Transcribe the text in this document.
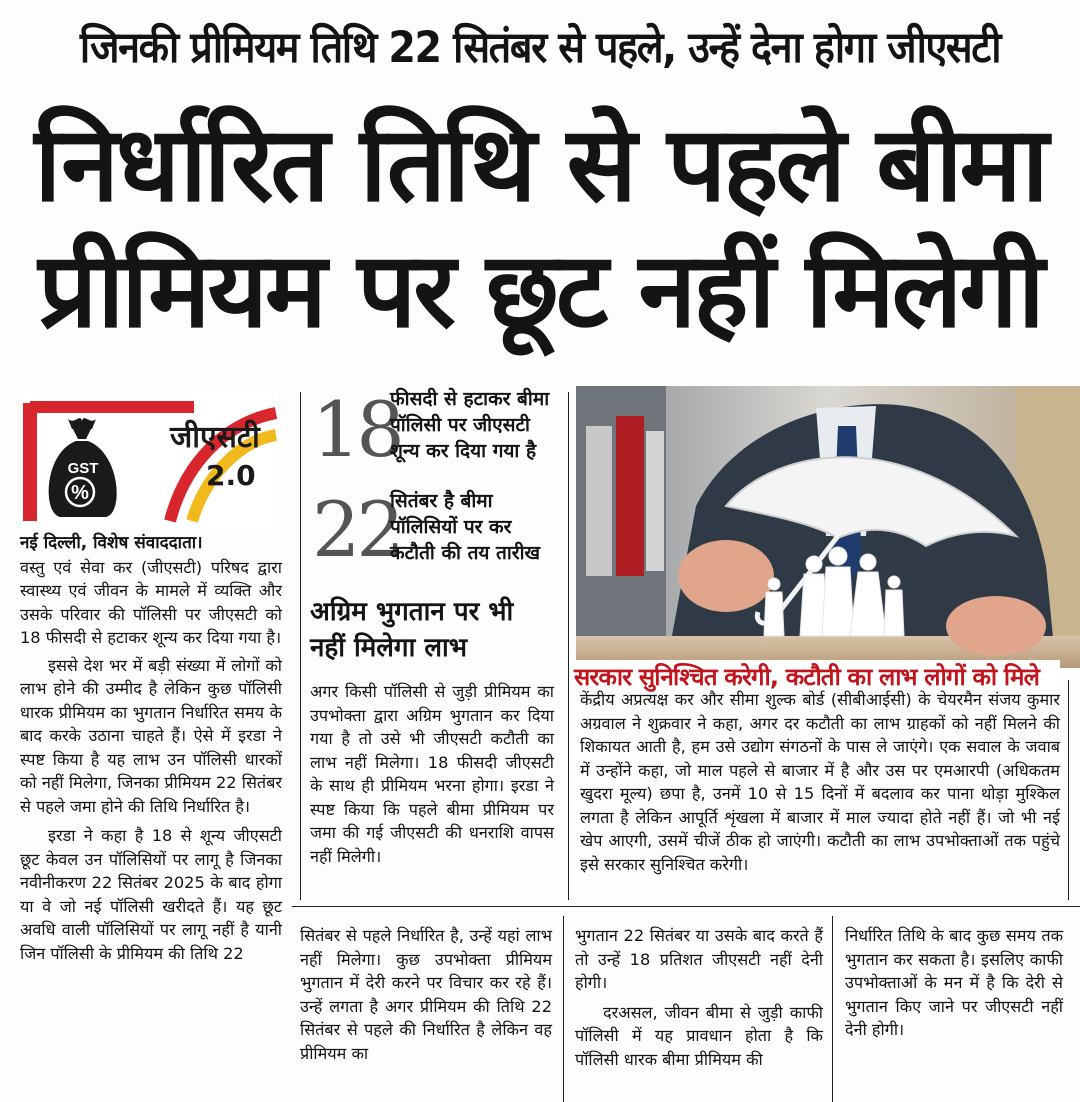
जिनकी प्रीमियम तिथि 22 सितंबर से पहले, उन्हें देना होगा जीएसटी
निर्धारित तिथि से पहले बीमा
प्रीमियम पर छूट नहीं मिलेगी
GST
%
जीएसटी
2.0

नई दिल्ली, विशेष संवाददाता।

वस्तु एवं सेवा कर (जीएसटी) परिषद द्वारा स्वास्थ्य एवं जीवन के मामले में व्यक्ति और उसके परिवार की पॉलिसी पर जीएसटी को 18 फीसदी से हटाकर शून्य कर दिया गया है।

इससे देश भर में बड़ी संख्या में लोगों को लाभ होने की उम्मीद है लेकिन कुछ पॉलिसी धारक प्रीमियम का भुगतान निर्धारित समय के बाद करके उठाना चाहते हैं। ऐसे में इरडा ने स्पष्ट किया है यह लाभ उन पॉलिसी धारकों को नहीं मिलेगा, जिनका प्रीमियम 22 सितंबर से पहले जमा होने की तिथि निर्धारित है।

इरडा ने कहा है 18 से शून्य जीएसटी छूट केवल उन पॉलिसियों पर लागू है जिनका नवीनीकरण 22 सितंबर 2025 के बाद होगा या वे जो नई पॉलिसी खरीदते हैं। यह छूट अवधि वाली पॉलिसियों पर लागू नहीं है यानी जिन पॉलिसी के प्रीमियम की तिथि 22

18
फीसदी से हटाकर बीमा
पॉलिसी पर जीएसटी
शून्य कर दिया गया है
22
सितंबर है बीमा
पॉलिसियों पर कर
कटौती की तय तारीख
अग्रिम भुगतान पर भी
नहीं मिलेगा लाभ
अगर किसी पॉलिसी से जुड़ी प्रीमियम का उपभोक्ता द्वारा अग्रिम भुगतान कर दिया गया है तो उसे भी जीएसटी कटौती का लाभ नहीं मिलेगा। 18 फीसदी जीएसटी के साथ ही प्रीमियम भरना होगा। इरडा ने स्पष्ट किया कि पहले बीमा प्रीमियम पर जमा की गई जीएसटी की धनराशि वापस नहीं मिलेगी।
सरकार सुनिश्चित करेगी, कटौती का लाभ लोगों को मिले
केंद्रीय अप्रत्यक्ष कर और सीमा शुल्क बोर्ड (सीबीआईसी) के चेयरमैन संजय कुमार अग्रवाल ने शुक्रवार ने कहा, अगर दर कटौती का लाभ ग्राहकों को नहीं मिलने की शिकायत आती है, हम उसे उद्योग संगठनों के पास ले जाएंगे। एक सवाल के जवाब में उन्होंने कहा, जो माल पहले से बाजार में है और उस पर एमआरपी (अधिकतम खुदरा मूल्य) छपा है, उनमें 10 से 15 दिनों में बदलाव कर पाना थोड़ा मुश्किल लगता है लेकिन आपूर्ति शृंखला में बाजार में माल ज्यादा होते नहीं हैं। जो भी नई खेप आएगी, उसमें चीजें ठीक हो जाएंगी। कटौती का लाभ उपभोक्ताओं तक पहुंचे इसे सरकार सुनिश्चित करेगी।
सितंबर से पहले निर्धारित है, उन्हें यहां लाभ नहीं मिलेगा। कुछ उपभोक्ता प्रीमियम भुगतान में देरी करने पर विचार कर रहे हैं। उन्हें लगता है अगर प्रीमियम की तिथि 22 सितंबर से पहले की निर्धारित है लेकिन वह प्रीमियम का

भुगतान 22 सितंबर या उसके बाद करते हैं तो उन्हें 18 प्रतिशत जीएसटी नहीं देनी होगी।

दरअसल, जीवन बीमा से जुड़ी काफी पॉलिसी में यह प्रावधान होता है कि पॉलिसी धारक बीमा प्रीमियम की

निर्धारित तिथि के बाद कुछ समय तक भुगतान कर सकता है। इसलिए काफी उपभोक्ताओं के मन में है कि देरी से भुगतान किए जाने पर जीएसटी नहीं देनी होगी।
